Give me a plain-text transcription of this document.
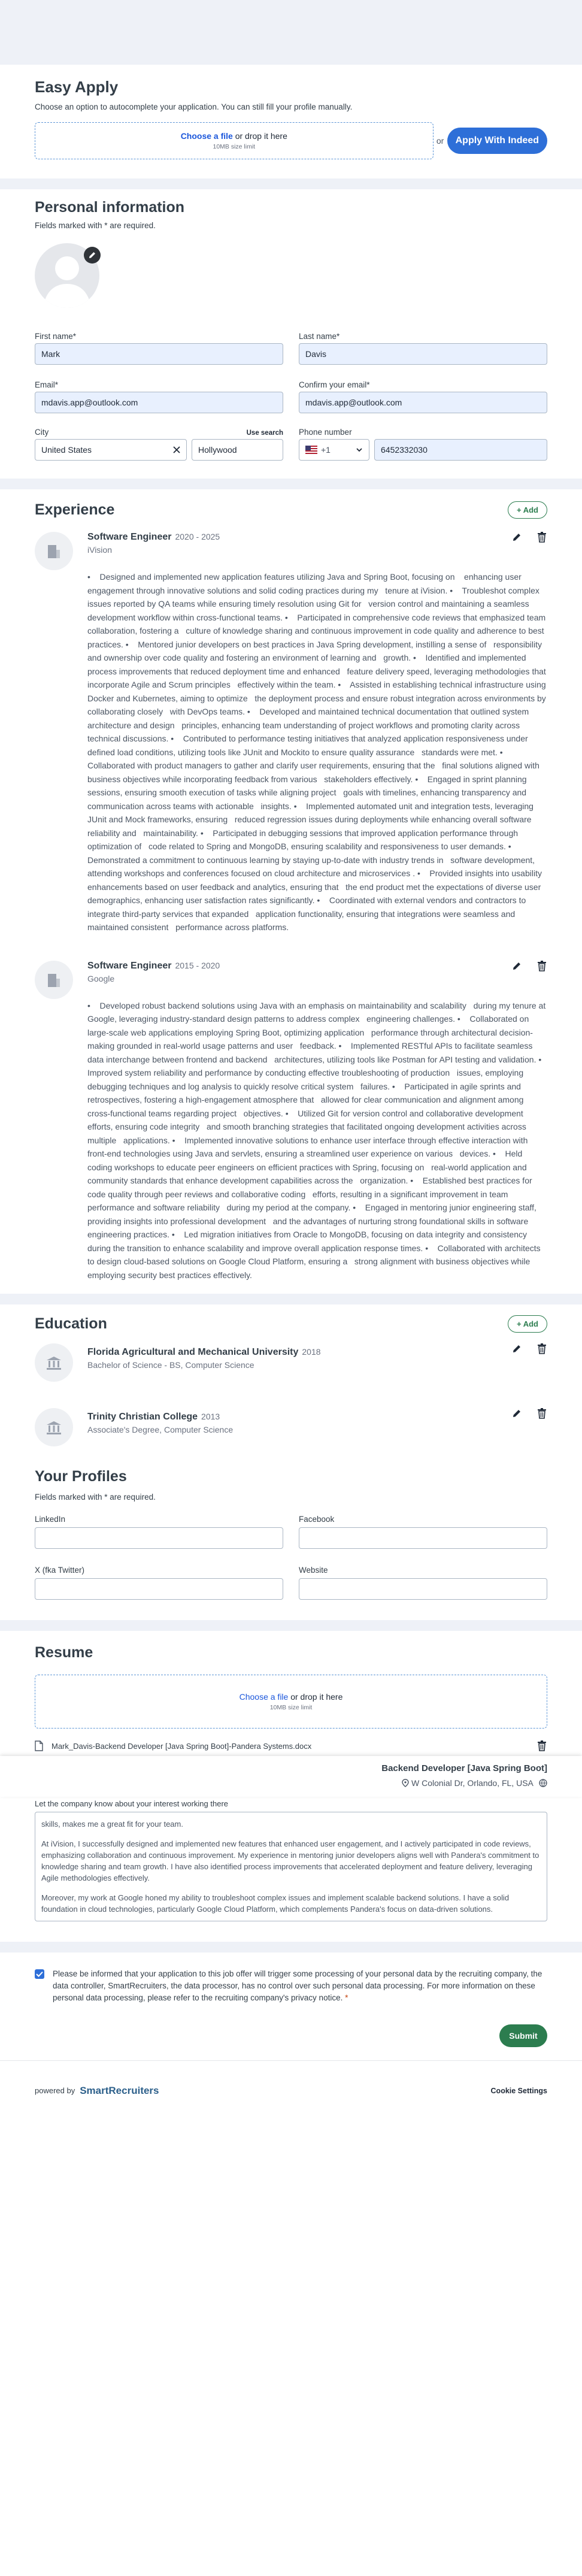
Easy Apply
Choose an option to autocomplete your application. You can still fill your profile manually.
Choose a file or drop it here
10MB size limit
or	Apply With Indeed
Personal information
Fields marked with * are required.
First name*
Mark
Last name*
Davis
Email*
mdavis.app@outlook.com
Confirm your email*
mdavis.app@outlook.com
City	Use search
United States	Hollywood
Phone number
+1	6452332030
Experience	+ Add
Software Engineer 2020 - 2025
iVision
•    Designed and implemented new application features utilizing Java and Spring Boot, focusing on    enhancing user engagement through innovative solutions and solid coding practices during my   tenure at iVision. •    Troubleshot complex issues reported by QA teams while ensuring timely resolution using Git for   version control and maintaining a seamless development workflow within cross-functional teams. •    Participated in comprehensive code reviews that emphasized team collaboration, fostering a   culture of knowledge sharing and continuous improvement in code quality and adherence to best practices. •    Mentored junior developers on best practices in Java Spring development, instilling a sense of   responsibility and ownership over code quality and fostering an environment of learning and   growth. •    Identified and implemented process improvements that reduced deployment time and enhanced   feature delivery speed, leveraging methodologies that incorporate Agile and Scrum principles   effectively within the team. •    Assisted in establishing technical infrastructure using Docker and Kubernetes, aiming to optimize   the deployment process and ensure robust integration across environments by collaborating closely   with DevOps teams. •    Developed and maintained technical documentation that outlined system architecture and design   principles, enhancing team understanding of project workflows and promoting clarity across   technical discussions. •    Contributed to performance testing initiatives that analyzed application responsiveness under   defined load conditions, utilizing tools like JUnit and Mockito to ensure quality assurance   standards were met. •    Collaborated with product managers to gather and clarify user requirements, ensuring that the   final solutions aligned with business objectives while incorporating feedback from various   stakeholders effectively. •    Engaged in sprint planning sessions, ensuring smooth execution of tasks while aligning project   goals with timelines, enhancing transparency and communication across teams with actionable   insights. •    Implemented automated unit and integration tests, leveraging JUnit and Mock frameworks, ensuring   reduced regression issues during deployments while enhancing overall software reliability and   maintainability. •    Participated in debugging sessions that improved application performance through optimization of   code related to Spring and MongoDB, ensuring scalability and responsiveness to user demands. •    Demonstrated a commitment to continuous learning by staying up-to-date with industry trends in   software development, attending workshops and conferences focused on cloud architecture and microservices . •    Provided insights into usability enhancements based on user feedback and analytics, ensuring that   the end product met the expectations of diverse user demographics, enhancing user satisfaction rates significantly. •    Coordinated with external vendors and contractors to integrate third-party services that expanded   application functionality, ensuring that integrations were seamless and maintained consistent   performance across platforms.
Software Engineer 2015 - 2020
Google
•    Developed robust backend solutions using Java with an emphasis on maintainability and scalability   during my tenure at Google, leveraging industry-standard design patterns to address complex   engineering challenges. •    Collaborated on large-scale web applications employing Spring Boot, optimizing application   performance through architectural decision-making grounded in real-world usage patterns and user   feedback. •    Implemented RESTful APIs to facilitate seamless data interchange between frontend and backend   architectures, utilizing tools like Postman for API testing and validation. •    Improved system reliability and performance by conducting effective troubleshooting of production   issues, employing debugging techniques and log analysis to quickly resolve critical system   failures. •    Participated in agile sprints and retrospectives, fostering a high-engagement atmosphere that   allowed for clear communication and alignment among cross-functional teams regarding project   objectives. •    Utilized Git for version control and collaborative development efforts, ensuring code integrity   and smooth branching strategies that facilitated ongoing development activities across multiple   applications. •    Implemented innovative solutions to enhance user interface through effective interaction with   front-end technologies using Java and servlets, ensuring a streamlined user experience on various   devices. •    Held coding workshops to educate peer engineers on efficient practices with Spring, focusing on   real-world application and community standards that enhance development capabilities across the   organization. •    Established best practices for code quality through peer reviews and collaborative coding   efforts, resulting in a significant improvement in team performance and software reliability   during my period at the company. •    Engaged in mentoring junior engineering staff, providing insights into professional development   and the advantages of nurturing strong foundational skills in software engineering practices. •    Led migration initiatives from Oracle to MongoDB, focusing on data integrity and consistency   during the transition to enhance scalability and improve overall application response times. •    Collaborated with architects to design cloud-based solutions on Google Cloud Platform, ensuring a   strong alignment with business objectives while employing security best practices effectively.
Education	+ Add
Florida Agricultural and Mechanical University 2018
Bachelor of Science - BS, Computer Science
Trinity Christian College 2013
Associate's Degree, Computer Science
Your Profiles
Fields marked with * are required.
LinkedIn	Facebook
X (fka Twitter)	Website
Resume
Choose a file or drop it here
10MB size limit
Mark_Davis-Backend Developer [Java Spring Boot]-Pandera Systems.docx
Backend Developer [Java Spring Boot]
W Colonial Dr, Orlando, FL, USA
Let the company know about your interest working there

skills, makes me a great fit for your team.

At iVision, I successfully designed and implemented new features that enhanced user engagement, and I actively participated in code reviews, emphasizing collaboration and continuous improvement. My experience in mentoring junior developers aligns well with Pandera's commitment to knowledge sharing and team growth. I have also identified process improvements that accelerated deployment and feature delivery, leveraging Agile methodologies effectively.

Moreover, my work at Google honed my ability to troubleshoot complex issues and implement scalable backend solutions. I have a solid foundation in cloud technologies, particularly Google Cloud Platform, which complements Pandera's focus on data-driven solutions.

Please be informed that your application to this job offer will trigger some processing of your personal data by the recruiting company, the data controller, SmartRecruiters, the data processor, has no control over such personal data processing. For more information on these personal data processing, please refer to the recruiting company's privacy notice. *
Submit
powered by SmartRecruiters	Cookie Settings
